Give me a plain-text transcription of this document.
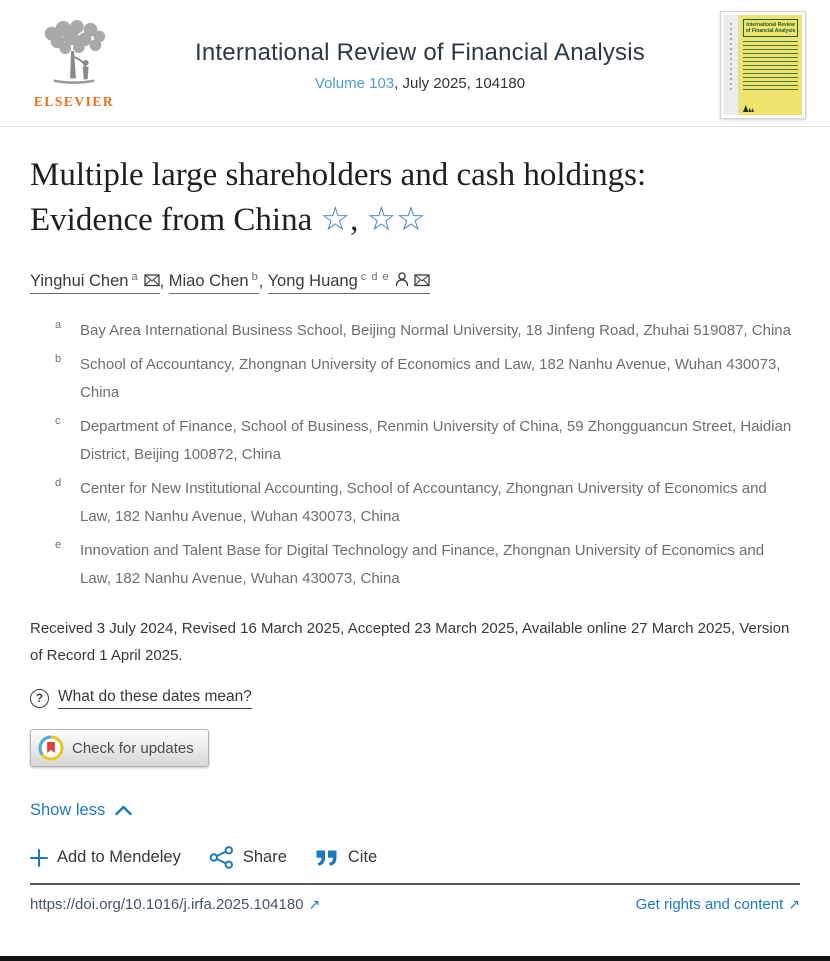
ELSEVIER
International Review of Financial Analysis
Volume 103, July 2025, 104180
International Review of Financial Analysis
Multiple large shareholders and cash holdings: Evidence from China ☆, ☆☆
Yinghui Chen $^a$ , Miao Chen $^b$, Yong Huang $^{c d e}$
a	Bay Area International Business School, Beijing Normal University, 18 Jinfeng Road, Zhuhai 519087, China
b	School of Accountancy, Zhongnan University of Economics and Law, 182 Nanhu Avenue, Wuhan 430073, China
c	Department of Finance, School of Business, Renmin University of China, 59 Zhongguancun Street, Haidian District, Beijing 100872, China
d	Center for New Institutional Accounting, School of Accountancy, Zhongnan University of Economics and Law, 182 Nanhu Avenue, Wuhan 430073, China
e	Innovation and Talent Base for Digital Technology and Finance, Zhongnan University of Economics and Law, 182 Nanhu Avenue, Wuhan 430073, China

Received 3 July 2024, Revised 16 March 2025, Accepted 23 March 2025, Available online 27 March 2025, Version of Record 1 April 2025.

? What do these dates mean?
Check for updates
Show less
Add to Mendeley	Share	Cite
https://doi.org/10.1016/j.irfa.2025.104180 ↗	Get rights and content ↗
